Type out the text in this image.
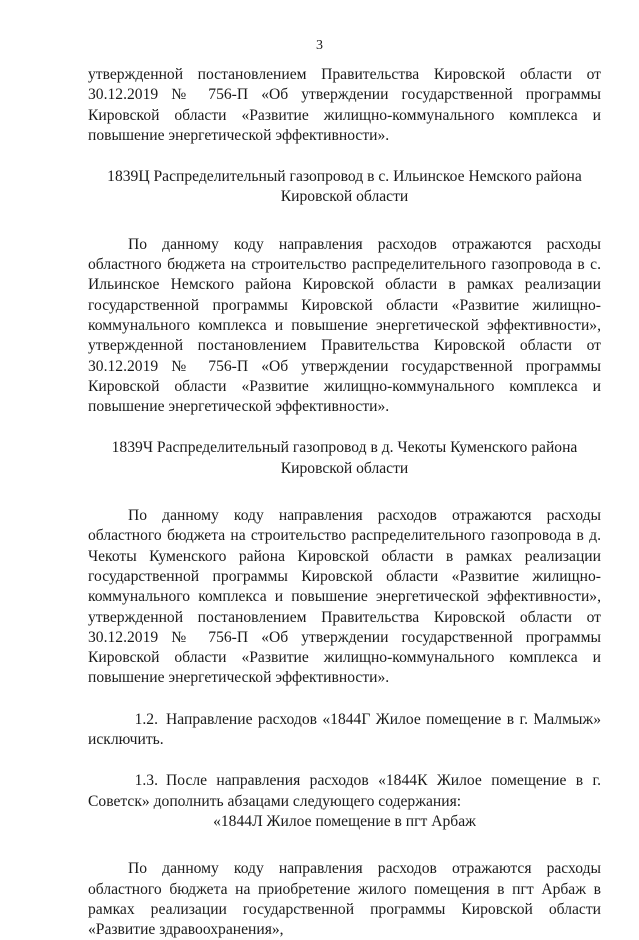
3

утвержденной постановлением Правительства Кировской области от 30.12.2019 № 756-П «Об утверждении государственной программы Кировской области «Развитие жилищно-коммунального комплекса и повышение энергетической эффективности».

1839Ц Распределительный газопровод в с. Ильинское Немского района Кировской области

По данному коду направления расходов отражаются расходы областного бюджета на строительство распределительного газопровода в с. Ильинское Немского района Кировской области в рамках реализации государственной программы Кировской области «Развитие жилищно-коммунального комплекса и повышение энергетической эффективности», утвержденной постановлением Правительства Кировской области от 30.12.2019 № 756-П «Об утверждении государственной программы Кировской области «Развитие жилищно-коммунального комплекса и повышение энергетической эффективности».

1839Ч Распределительный газопровод в д. Чекоты Куменского района Кировской области

По данному коду направления расходов отражаются расходы областного бюджета на строительство распределительного газопровода в д. Чекоты Куменского района Кировской области в рамках реализации государственной программы Кировской области «Развитие жилищно-коммунального комплекса и повышение энергетической эффективности», утвержденной постановлением Правительства Кировской области от 30.12.2019 № 756-П «Об утверждении государственной программы Кировской области «Развитие жилищно-коммунального комплекса и повышение энергетической эффективности».

1.2. Направление расходов «1844Г Жилое помещение в г. Малмыж» исключить.

1.3. После направления расходов «1844К Жилое помещение в г. Советск» дополнить абзацами следующего содержания:

«1844Л Жилое помещение в пгт Арбаж

По данному коду направления расходов отражаются расходы областного бюджета на приобретение жилого помещения в пгт Арбаж в рамках реализации государственной программы Кировской области «Развитие здравоохранения»,
